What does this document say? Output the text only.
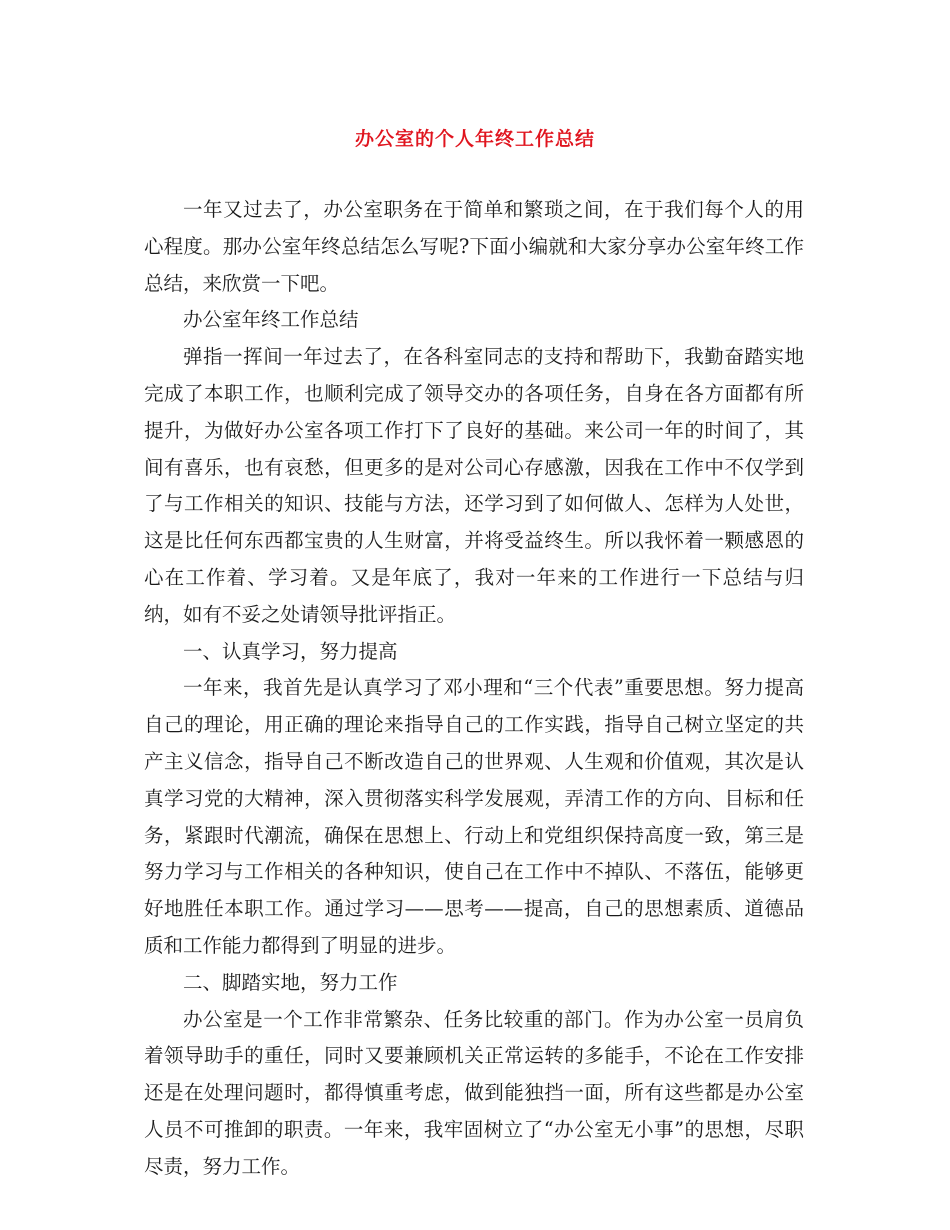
办公室的个人年终工作总结

一年又过去了，办公室职务在于简单和繁琐之间，在于我们每个人的用心程度。那办公室年终总结怎么写呢?下面小编就和大家分享办公室年终工作总结，来欣赏一下吧。

办公室年终工作总结

弹指一挥间一年过去了，在各科室同志的支持和帮助下，我勤奋踏实地完成了本职工作，也顺利完成了领导交办的各项任务，自身在各方面都有所提升，为做好办公室各项工作打下了良好的基础。来公司一年的时间了，其间有喜乐，也有哀愁，但更多的是对公司心存感激，因我在工作中不仅学到了与工作相关的知识、技能与方法，还学习到了如何做人、怎样为人处世，这是比任何东西都宝贵的人生财富，并将受益终生。所以我怀着一颗感恩的心在工作着、学习着。又是年底了，我对一年来的工作进行一下总结与归纳，如有不妥之处请领导批评指正。

一、认真学习，努力提高

一年来，我首先是认真学习了邓小理和“三个代表”重要思想。努力提高自己的理论，用正确的理论来指导自己的工作实践，指导自己树立坚定的共产主义信念，指导自己不断改造自己的世界观、人生观和价值观，其次是认真学习党的大精神，深入贯彻落实科学发展观，弄清工作的方向、目标和任务，紧跟时代潮流，确保在思想上、行动上和党组织保持高度一致，第三是努力学习与工作相关的各种知识，使自己在工作中不掉队、不落伍，能够更好地胜任本职工作。通过学习——思考——提高，自己的思想素质、道德品质和工作能力都得到了明显的进步。

二、脚踏实地，努力工作

办公室是一个工作非常繁杂、任务比较重的部门。作为办公室一员肩负着领导助手的重任，同时又要兼顾机关正常运转的多能手，不论在工作安排还是在处理问题时，都得慎重考虑，做到能独挡一面，所有这些都是办公室人员不可推卸的职责。一年来，我牢固树立了“办公室无小事”的思想，尽职尽责，努力工作。
